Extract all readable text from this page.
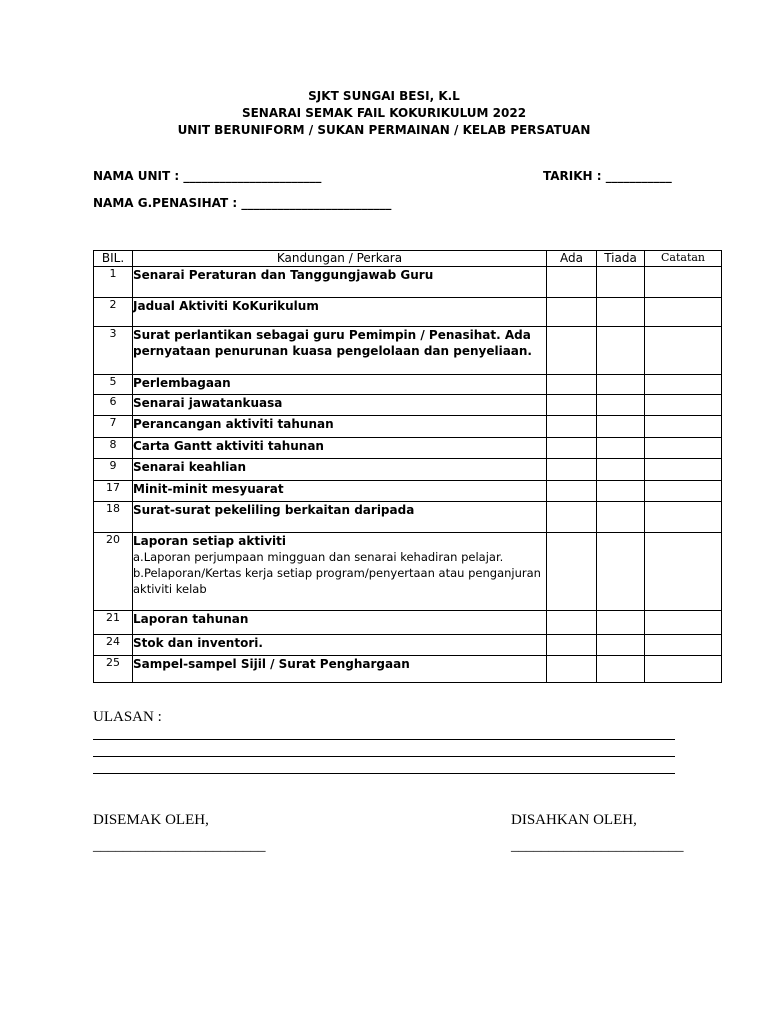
SJKT SUNGAI BESI, K.L
SENARAI SEMAK FAIL KOKURIKULUM 2022
UNIT BERUNIFORM / SUKAN PERMAINAN / KELAB PERSATUAN
NAMA UNIT : _______________________	TARIKH : ___________
NAMA G.PENASIHAT : _________________________
BIL.	Kandungan / Perkara	Ada	Tiada	Catatan
1	Senarai Peraturan dan Tanggungjawab Guru			

2	Jadual Aktiviti KoKurikulum			

3	Surat perlantikan sebagai guru Pemimpin / Penasihat. Ada pernyataan penurunan kuasa pengelolaan dan penyeliaan.			

5	Perlembagaan			

6	Senarai jawatankuasa			

7	Perancangan aktiviti tahunan			

8	Carta Gantt aktiviti tahunan			

9	Senarai keahlian			

17	Minit-minit mesyuarat			

18	Surat-surat pekeliling berkaitan daripada			

20	Laporan setiap aktiviti
a.Laporan perjumpaan mingguan dan senarai kehadiran pelajar.
b.Pelaporan/Kertas kerja setiap program/penyertaan atau penganjuran aktiviti kelab			

21	Laporan tahunan			

24	Stok dan inventori.			

25	Sampel-sampel Sijil / Surat Penghargaan			

ULASAN :
DISEMAK OLEH,	DISAHKAN OLEH,
_______________________	_______________________
